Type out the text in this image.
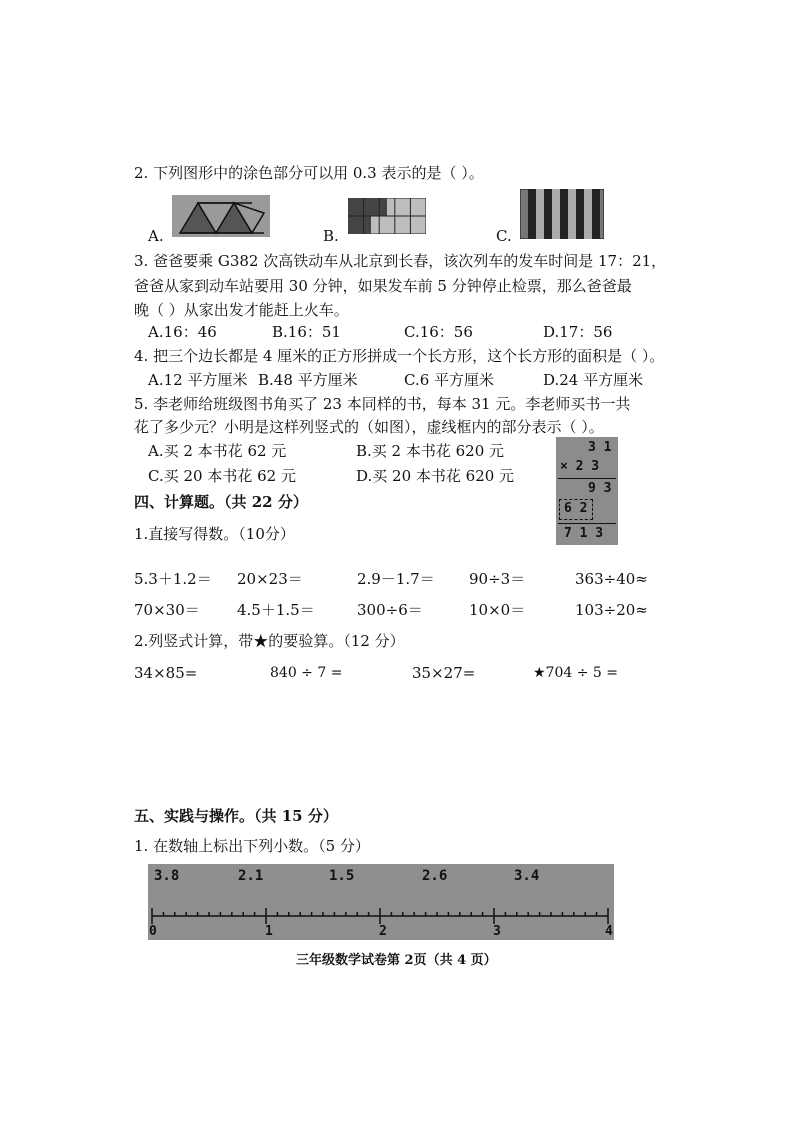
2. 下列图形中的涂色部分可以用 0.3 表示的是（ ）。
A.	B.	C.
3. 爸爸要乘 G382 次高铁动车从北京到长春，该次列车的发车时间是 17：21，
爸爸从家到动车站要用 30 分钟，如果发车前 5 分钟停止检票，那么爸爸最
晚（ ）从家出发才能赶上火车。
A.16：46	B.16：51	C.16：56	D.17：56
4. 把三个边长都是 4 厘米的正方形拼成一个长方形，这个长方形的面积是（ ）。
A.12 平方厘米 B.48 平方厘米	C.6 平方厘米	D.24 平方厘米
5. 李老师给班级图书角买了 23 本同样的书，每本 31 元。李老师买书一共
花了多少元？小明是这样列竖式的（如图），虚线框内的部分表示（ ）。
A.买 2 本书花 62 元	B.买 2 本书花 620 元
C.买 20 本书花 62 元	D.买 20 本书花 620 元
3 1
× 2 3
9 3
6 2
7 1 3
四、计算题。（共 22 分）
1.直接写得数。（10分）
5.3＋1.2＝ 20×23＝	2.9－1.7＝ 90÷3＝	363÷40≈
70×30＝ 4.5＋1.5＝	300÷6＝	10×0＝	103÷20≈
2.列竖式计算，带★的要验算。（12 分）
34×85=	840 ÷ 7 =	35×27=	★704 ÷ 5 =
五、实践与操作。（共 15 分）
1. 在数轴上标出下列小数。（5 分）
3.8	2.1	1.5	2.6	3.4
0	1	2	3	4
三年级数学试卷第 2页（共 4 页）
